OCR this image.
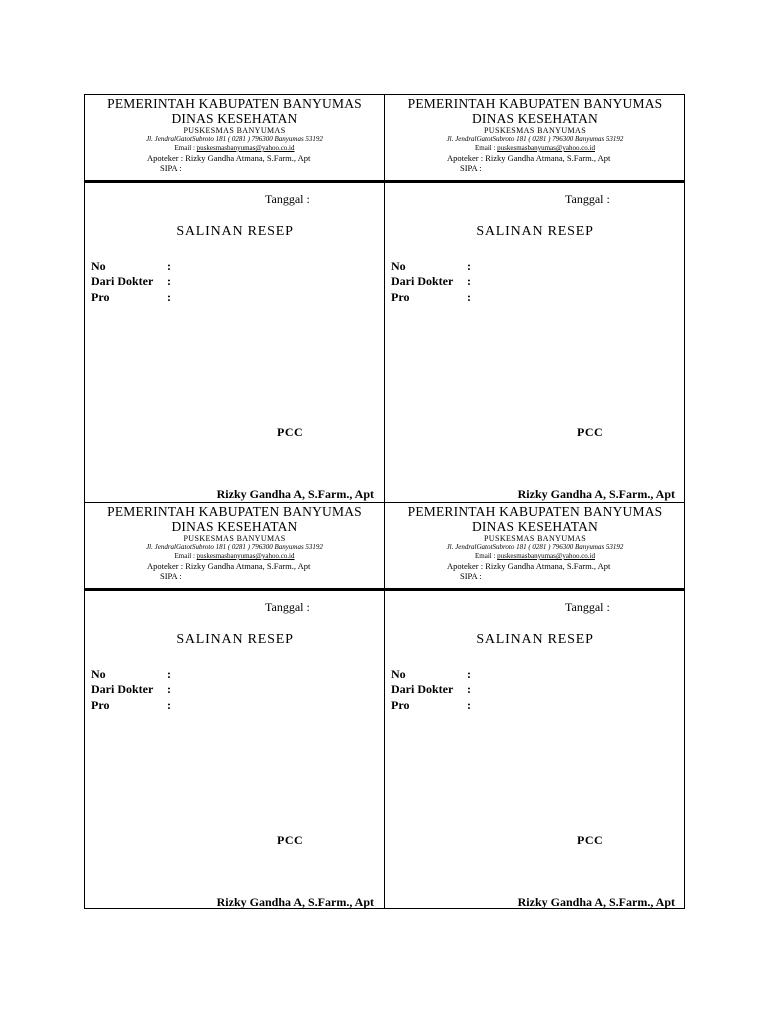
PEMERINTAH KABUPATEN BANYUMAS
DINAS KESEHATAN
PUSKESMAS BANYUMAS
Jl. JendralGatotSubroto 181 ( 0281 ) 796300 Banyumas 53192
Email : puskesmasbanyumas@yahoo.co.id
Apoteker : Rizky Gandha Atmana, S.Farm., Apt
SIPA :
Tanggal :
SALINAN RESEP
No	:
Dari Dokter :
Pro	:
PCC
Rizky Gandha A, S.Farm., Apt
PEMERINTAH KABUPATEN BANYUMAS
DINAS KESEHATAN
PUSKESMAS BANYUMAS
Jl. JendralGatotSubroto 181 ( 0281 ) 796300 Banyumas 53192
Email : puskesmasbanyumas@yahoo.co.id
Apoteker : Rizky Gandha Atmana, S.Farm., Apt
SIPA :
Tanggal :
SALINAN RESEP
No	:
Dari Dokter :
Pro	:
PCC
Rizky Gandha A, S.Farm., Apt
PEMERINTAH KABUPATEN BANYUMAS
DINAS KESEHATAN
PUSKESMAS BANYUMAS
Jl. JendralGatotSubroto 181 ( 0281 ) 796300 Banyumas 53192
Email : puskesmasbanyumas@yahoo.co.id
Apoteker : Rizky Gandha Atmana, S.Farm., Apt
SIPA :
Tanggal :
SALINAN RESEP
No	:
Dari Dokter :
Pro	:
PCC
Rizky Gandha A, S.Farm., Apt
PEMERINTAH KABUPATEN BANYUMAS
DINAS KESEHATAN
PUSKESMAS BANYUMAS
Jl. JendralGatotSubroto 181 ( 0281 ) 796300 Banyumas 53192
Email : puskesmasbanyumas@yahoo.co.id
Apoteker : Rizky Gandha Atmana, S.Farm., Apt
SIPA :
Tanggal :
SALINAN RESEP
No	:
Dari Dokter :
Pro	:
PCC
Rizky Gandha A, S.Farm., Apt
